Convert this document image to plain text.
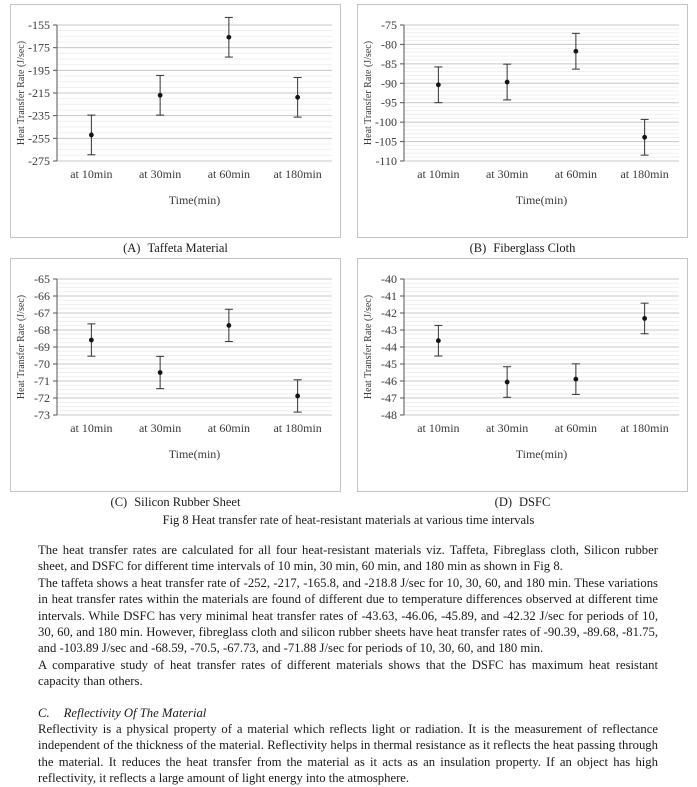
-155
-175
-195
-215
-235
-255
-275
Heat Transfer Rate (J/sec)
at 10min at 30min at 60min at 180min
Time(min)
(A) Taffeta Material
-75
-80
-85
-90
-95
-100
-105
-110
Heat Transfer Rate (J/sec)
at 10min at 30min at 60min at 180min
Time(min)
(B) Fiberglass Cloth
-65
-66
-67
-68
-69
-70
-71
-72
-73
Heat Transfer Rate (J/sec)
at 10min at 30min at 60min at 180min
Time(min)
(C) Silicon Rubber Sheet
-40
-41
-42
-43
-44
-45
-46
-47
-48
Heat Transfer Rate (J/sec)
at 10min at 30min at 60min at 180min
Time(min)
(D) DSFC
Fig 8 Heat transfer rate of heat-resistant materials at various time intervals

The heat transfer rates are calculated for all four heat-resistant materials viz. Taffeta, Fibreglass cloth, Silicon rubber sheet, and DSFC for different time intervals of 10 min, 30 min, 60 min, and 180 min as shown in Fig 8.

The taffeta shows a heat transfer rate of -252, -217, -165.8, and -218.8 J/sec for 10, 30, 60, and 180 min. These variations in heat transfer rates within the materials are found of different due to temperature differences observed at different time intervals. While DSFC has very minimal heat transfer rates of -43.63, -46.06, -45.89, and -42.32 J/sec for periods of 10, 30, 60, and 180 min. However, fibreglass cloth and silicon rubber sheets have heat transfer rates of -90.39, -89.68, -81.75, and -103.89 J/sec and -68.59, -70.5, -67.73, and -71.88 J/sec for periods of 10, 30, 60, and 180 min.

A comparative study of heat transfer rates of different materials shows that the DSFC has maximum heat resistant capacity than others.

C. Reflectivity Of The Material

Reflectivity is a physical property of a material which reflects light or radiation. It is the measurement of reflectance independent of the thickness of the material. Reflectivity helps in thermal resistance as it reflects the heat passing through the material. It reduces the heat transfer from the material as it acts as an insulation property. If an object has high reflectivity, it reflects a large amount of light energy into the atmosphere.
